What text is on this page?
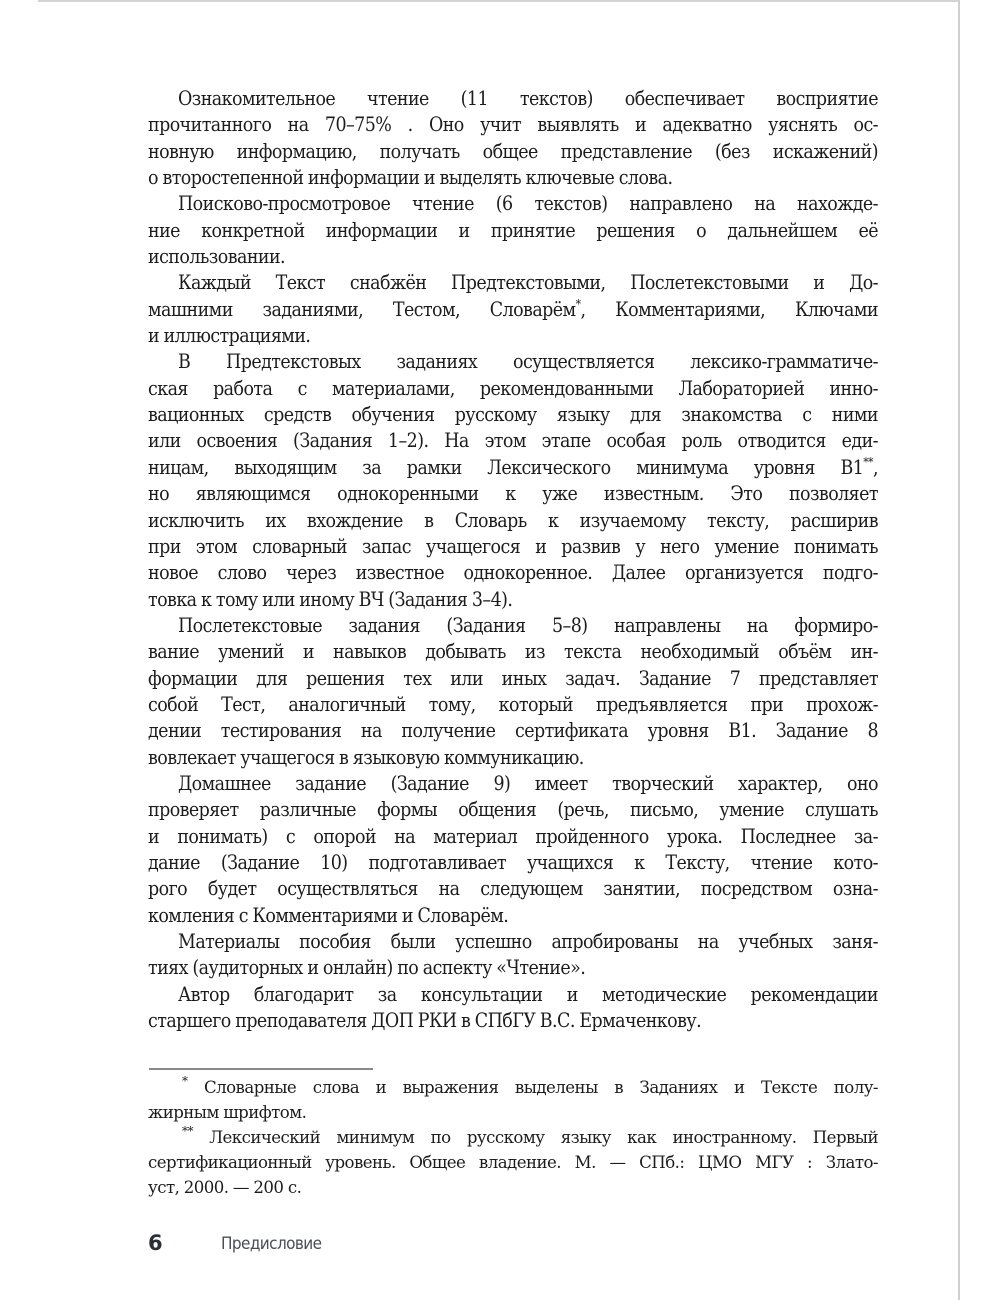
Ознакомительное чтение (11 текстов) обеспечивает восприятие
прочитанного на 70–75% . Оно учит выявлять и адекватно уяснять ос-
новную информацию, получать общее представление (без искажений)
о второстепенной информации и выделять ключевые слова.

Поисково-просмотровое чтение (6 текстов) направлено на нахожде-
ние конкретной информации и принятие решения о дальнейшем её
использовании.

Каждый Текст снабжён Предтекстовыми, Послетекстовыми и До-
машними заданиями, Тестом, Словарём*, Комментариями, Ключами
и иллюстрациями.

В Предтекстовых заданиях осуществляется лексико-грамматиче-
ская работа с материалами, рекомендованными Лабораторией инно-
вационных средств обучения русскому языку для знакомства с ними
или освоения (Задания 1–2). На этом этапе особая роль отводится еди-
ницам, выходящим за рамки Лексического минимума уровня В1**,
но являющимся однокоренными к уже известным. Это позволяет
исключить их вхождение в Словарь к изучаемому тексту, расширив
при этом словарный запас учащегося и развив у него умение понимать
новое слово через известное однокоренное. Далее организуется подго-
товка к тому или иному ВЧ (Задания 3–4).

Послетекстовые задания (Задания 5–8) направлены на формиро-
вание умений и навыков добывать из текста необходимый объём ин-
формации для решения тех или иных задач. Задание 7 представляет
собой Тест, аналогичный тому, который предъявляется при прохож-
дении тестирования на получение сертификата уровня В1. Задание 8
вовлекает учащегося в языковую коммуникацию.

Домашнее задание (Задание 9) имеет творческий характер, оно
проверяет различные формы общения (речь, письмо, умение слушать
и понимать) с опорой на материал пройденного урока. Последнее за-
дание (Задание 10) подготавливает учащихся к Тексту, чтение кото-
рого будет осуществляться на следующем занятии, посредством озна-
комления с Комментариями и Словарём.

Материалы пособия были успешно апробированы на учебных заня-
тиях (аудиторных и онлайн) по аспекту «Чтение».

Автор благодарит за консультации и методические рекомендации
старшего преподавателя ДОП РКИ в СПбГУ В.С. Ермаченкову.

* Словарные слова и выражения выделены в Заданиях и Тексте полу-
жирным шрифтом.

** Лексический минимум по русскому языку как иностранному. Первый
сертификационный уровень. Общее владение. М. — СПб.: ЦМО МГУ : Злато-
уст, 2000. — 200 с.

6	Предисловие
